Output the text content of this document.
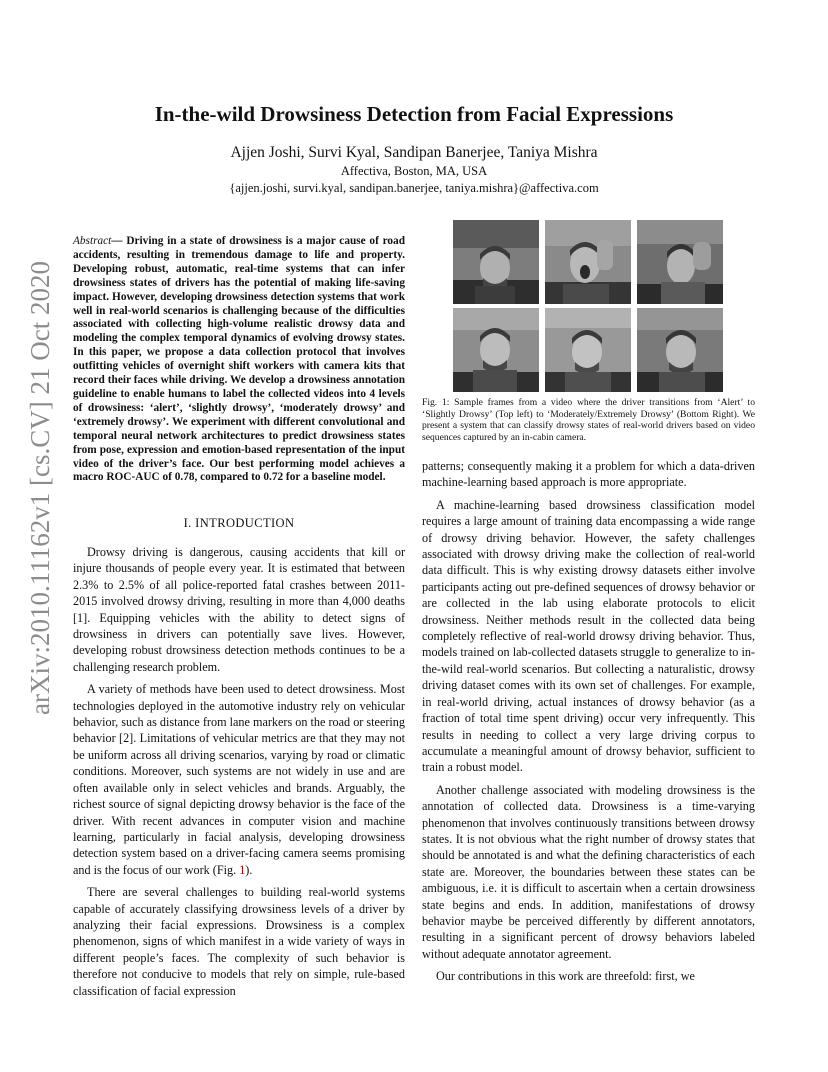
arXiv:2010.11162v1 [cs.CV] 21 Oct 2020
In-the-wild Drowsiness Detection from Facial Expressions
Ajjen Joshi, Survi Kyal, Sandipan Banerjee, Taniya Mishra
Affectiva, Boston, MA, USA
{ajjen.joshi, survi.kyal, sandipan.banerjee, taniya.mishra}@affectiva.com
Abstract— Driving in a state of drowsiness is a major cause of road accidents, resulting in tremendous damage to life and property. Developing robust, automatic, real-time systems that can infer drowsiness states of drivers has the potential of making life-saving impact. However, developing drowsiness detection systems that work well in real-world scenarios is challenging because of the difficulties associated with collecting high-volume realistic drowsy data and modeling the complex temporal dynamics of evolving drowsy states. In this paper, we propose a data collection protocol that involves outfitting vehicles of overnight shift workers with camera kits that record their faces while driving. We develop a drowsiness annotation guideline to enable humans to label the collected videos into 4 levels of drowsiness: ‘alert’, ‘slightly drowsy’, ‘moderately drowsy’ and ‘extremely drowsy’. We experiment with different convolutional and temporal neural network architectures to predict drowsiness states from pose, expression and emotion-based representation of the input video of the driver’s face. Our best performing model achieves a macro ROC-AUC of 0.78, compared to 0.72 for a baseline model.
I. INTRODUCTION

Drowsy driving is dangerous, causing accidents that kill or injure thousands of people every year. It is estimated that between 2.3% to 2.5% of all police-reported fatal crashes between 2011-2015 involved drowsy driving, resulting in more than 4,000 deaths [1]. Equipping vehicles with the ability to detect signs of drowsiness in drivers can potentially save lives. However, developing robust drowsiness detection methods continues to be a challenging research problem.

A variety of methods have been used to detect drowsiness. Most technologies deployed in the automotive industry rely on vehicular behavior, such as distance from lane markers on the road or steering behavior [2]. Limitations of vehicular metrics are that they may not be uniform across all driving scenarios, varying by road or climatic conditions. Moreover, such systems are not widely in use and are often available only in select vehicles and brands. Arguably, the richest source of signal depicting drowsy behavior is the face of the driver. With recent advances in computer vision and machine learning, particularly in facial analysis, developing drowsiness detection system based on a driver-facing camera seems promising and is the focus of our work (Fig. 1).

There are several challenges to building real-world systems capable of accurately classifying drowsiness levels of a driver by analyzing their facial expressions. Drowsiness is a complex phenomenon, signs of which manifest in a wide variety of ways in different people’s faces. The complexity of such behavior is therefore not conducive to models that rely on simple, rule-based classification of facial expression

Fig. 1: Sample frames from a video where the driver transitions from ‘Alert’ to ‘Slightly Drowsy’ (Top left) to ‘Moderately/Extremely Drowsy’ (Bottom Right). We present a system that can classify drowsy states of real-world drivers based on video sequences captured by an in-cabin camera.

patterns; consequently making it a problem for which a data-driven machine-learning based approach is more appropriate.

A machine-learning based drowsiness classification model requires a large amount of training data encompassing a wide range of drowsy driving behavior. However, the safety challenges associated with drowsy driving make the collection of real-world data difficult. This is why existing drowsy datasets either involve participants acting out pre-defined sequences of drowsy behavior or are collected in the lab using elaborate protocols to elicit drowsiness. Neither methods result in the collected data being completely reflective of real-world drowsy driving behavior. Thus, models trained on lab-collected datasets struggle to generalize to in-the-wild real-world scenarios. But collecting a naturalistic, drowsy driving dataset comes with its own set of challenges. For example, in real-world driving, actual instances of drowsy behavior (as a fraction of total time spent driving) occur very infrequently. This results in needing to collect a very large driving corpus to accumulate a meaningful amount of drowsy behavior, sufficient to train a robust model.

Another challenge associated with modeling drowsiness is the annotation of collected data. Drowsiness is a time-varying phenomenon that involves continuously transitions between drowsy states. It is not obvious what the right number of drowsy states that should be annotated is and what the defining characteristics of each state are. Moreover, the boundaries between these states can be ambiguous, i.e. it is difficult to ascertain when a certain drowsiness state begins and ends. In addition, manifestations of drowsy behavior maybe be perceived differently by different annotators, resulting in a significant percent of drowsy behaviors labeled without adequate annotator agreement.

Our contributions in this work are threefold: first, we
